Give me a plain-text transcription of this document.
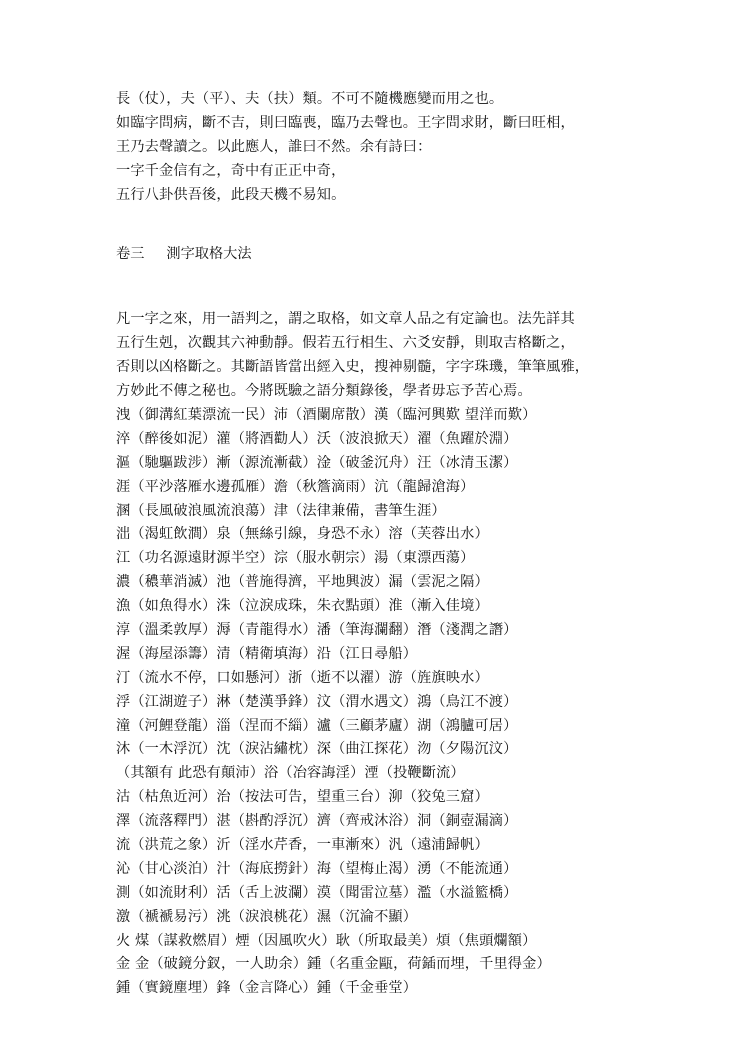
長（仗），夫（平）、夫（扶）類。不可不隨機應變而用之也。
如臨字問病，斷不吉，則曰臨喪，臨乃去聲也。王字問求財，斷曰旺相，
王乃去聲讀之。以此應人，誰曰不然。余有詩曰：
一字千金信有之，奇中有正正中奇，
五行八卦供吾後，此段天機不易知。
卷三 測字取格大法
凡一字之來，用一語判之，謂之取格，如文章人品之有定論也。法先詳其
五行生剋，次觀其六神動靜。假若五行相生、六爻安靜，則取吉格斷之，
否則以凶格斷之。其斷語皆當出經入史，搜神剔髓，字字珠璣，筆筆風雅，
方妙此不傳之秘也。今將既驗之語分類錄後，學者毋忘予苦心焉。
洩（御溝紅葉漂流一民）沛（酒闌席散）漢（臨河興歎 望洋而歎）
淬（醉後如泥）灌（將酒勸人）沃（波浪掀天）濯（魚躍於淵）
漚（馳驅跋涉）漸（源流漸截）淦（破釜沉舟）汪（冰清玉潔）
涯（平沙落雁水邊孤雁）澹（秋簷滴雨）沆（龍歸滄海）
溷（長風破浪風流浪蕩）津（法律兼備，書筆生涯）
泏（渴虹飲澗）泉（無絲引線，身恐不永）溶（芙蓉出水）
江（功名源遠財源半空）淙（服水朝宗）湯（東漂西蕩）
濃（穠華消滅）池（普施得濟，平地興波）漏（雲泥之隔）
漁（如魚得水）洙（泣淚成珠，朱衣點頭）淮（漸入佳境）
淳（溫柔敦厚）溽（青龍得水）潘（筆海瀾翻）潛（淺潤之譖）
渥（海屋添籌）清（精衛填海）沿（江日尋船）
汀（流水不停，口如懸河）浙（逝不以濯）游（旌旗映水）
浮（江湖遊子）淋（楚漢爭鋒）汶（渭水遇文）鴻（鳥江不渡）
潼（河鯉登龍）淄（涅而不緇）瀘（三顧茅廬）湖（鴻臚可居）
沐（一木浮沉）沈（淚沾繡枕）深（曲江探花）沕（夕陽沉汶）
（其額有 此恐有顛沛）浴（冶容誨淫）湮（投鞭斷流）
沽（枯魚近河）治（按法可告，望重三台）泖（狡兔三窟）
澤（流落釋門）湛（斟酌浮沉）濟（齊戒沐浴）洞（銅壺漏滴）
流（洪荒之象）沂（淫水芹香，一車漸來）汎（遠浦歸帆）
沁（甘心淡泊）汁（海底撈針）海（望梅止渴）湧（不能流通）
測（如流財利）活（舌上波瀾）漠（聞雷泣墓）濫（水溢籃橋）
激（褫褫易污）洮（淚浪桃花）濕（沉淪不顯）
火 煤（謀救燃眉）煙（因風吹火）耿（所取最美）煩（焦頭爛額）
金 金（破鏡分釵，一人助余）鍾（名重金甌，荷鍤而埋，千里得金）
鍾（實鏡塵埋）鋒（金言降心）鍾（千金垂堂）
